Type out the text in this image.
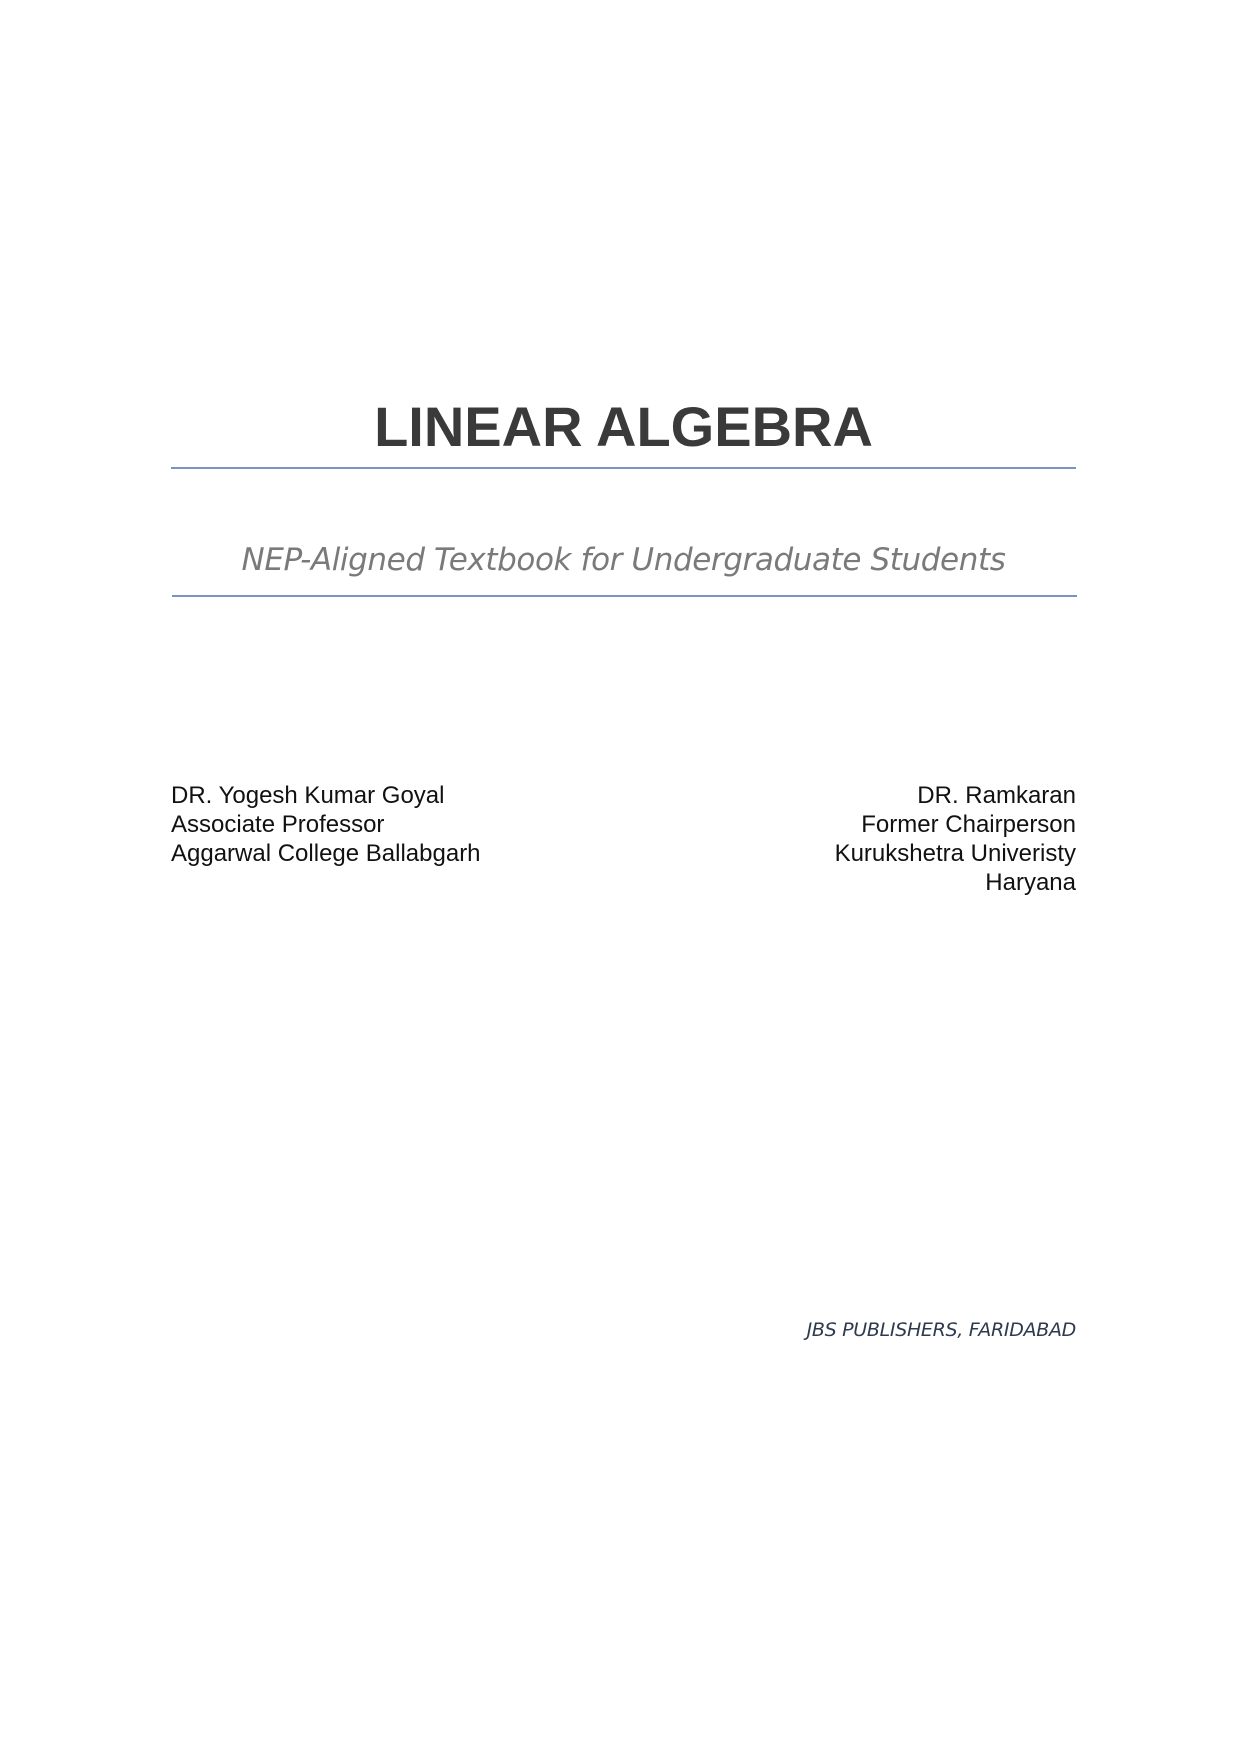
LINEAR ALGEBRA
NEP-Aligned Textbook for Undergraduate Students
DR. Yogesh Kumar Goyal
Associate Professor
Aggarwal College Ballabgarh
DR. Ramkaran
Former Chairperson
Kurukshetra Univeristy
Haryana
JBS PUBLISHERS, FARIDABAD
